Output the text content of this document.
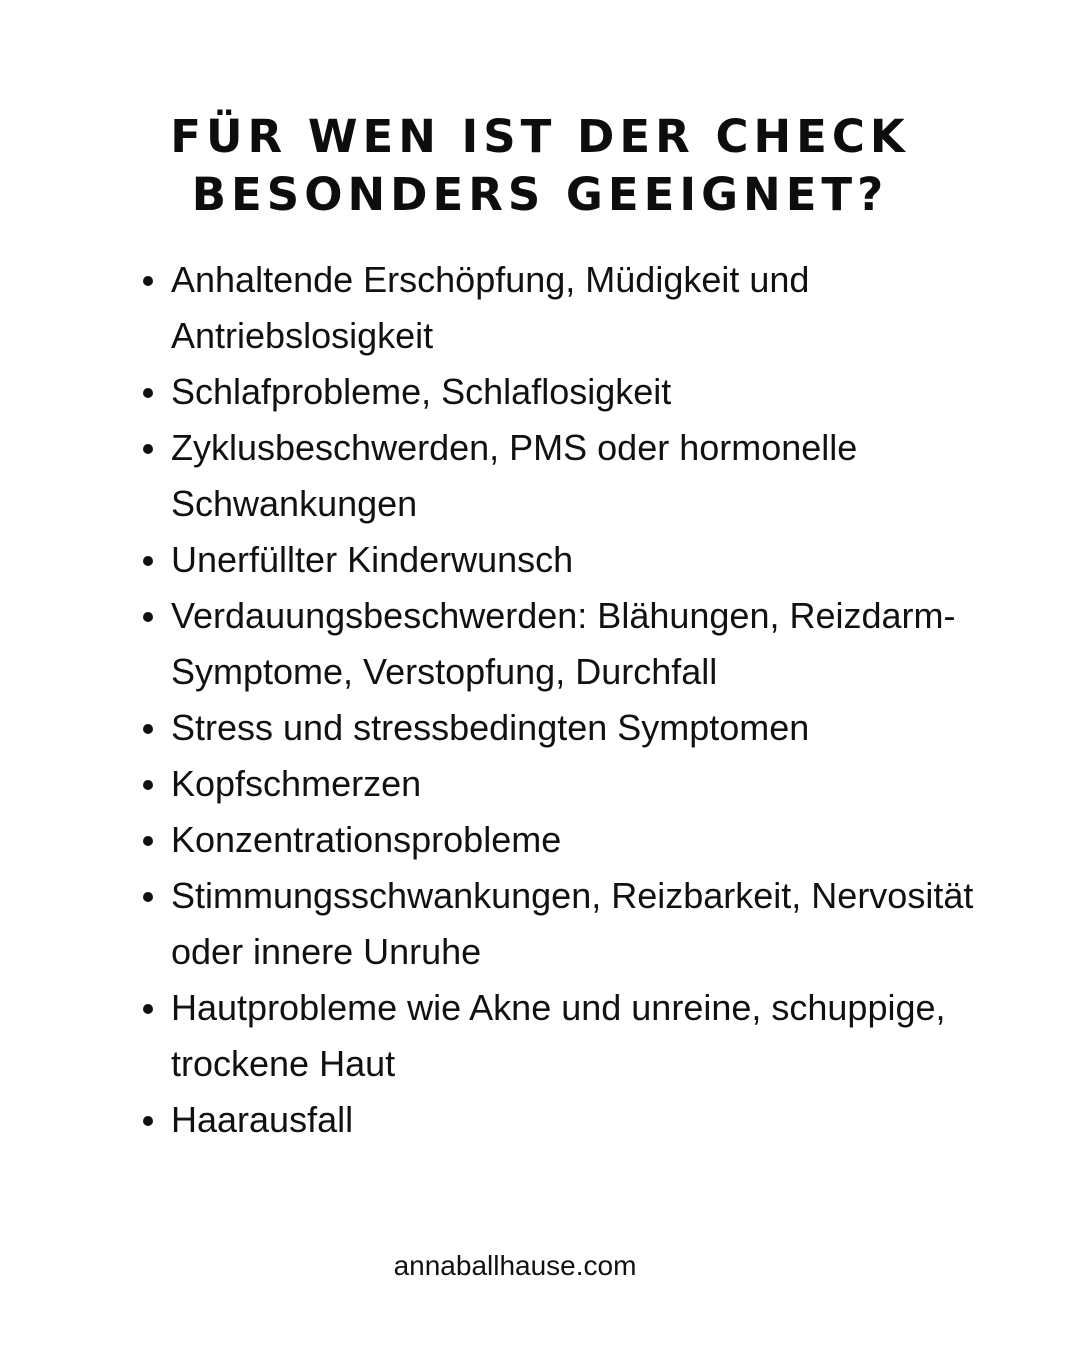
FÜR WEN IST DER CHECK
BESONDERS GEEIGNET?
Anhaltende Erschöpfung, Müdigkeit und Antriebslosigkeit
Schlafprobleme, Schlaflosigkeit
Zyklusbeschwerden, PMS oder hormonelle Schwankungen
Unerfüllter Kinderwunsch
Verdauungsbeschwerden: Blähungen, Reizdarm-Symptome, Verstopfung, Durchfall
Stress und stressbedingten Symptomen
Kopfschmerzen
Konzentrationsprobleme
Stimmungsschwankungen, Reizbarkeit, Nervosität oder innere Unruhe
Hautprobleme wie Akne und unreine, schuppige, trockene Haut
Haarausfall
annaballhause.com
